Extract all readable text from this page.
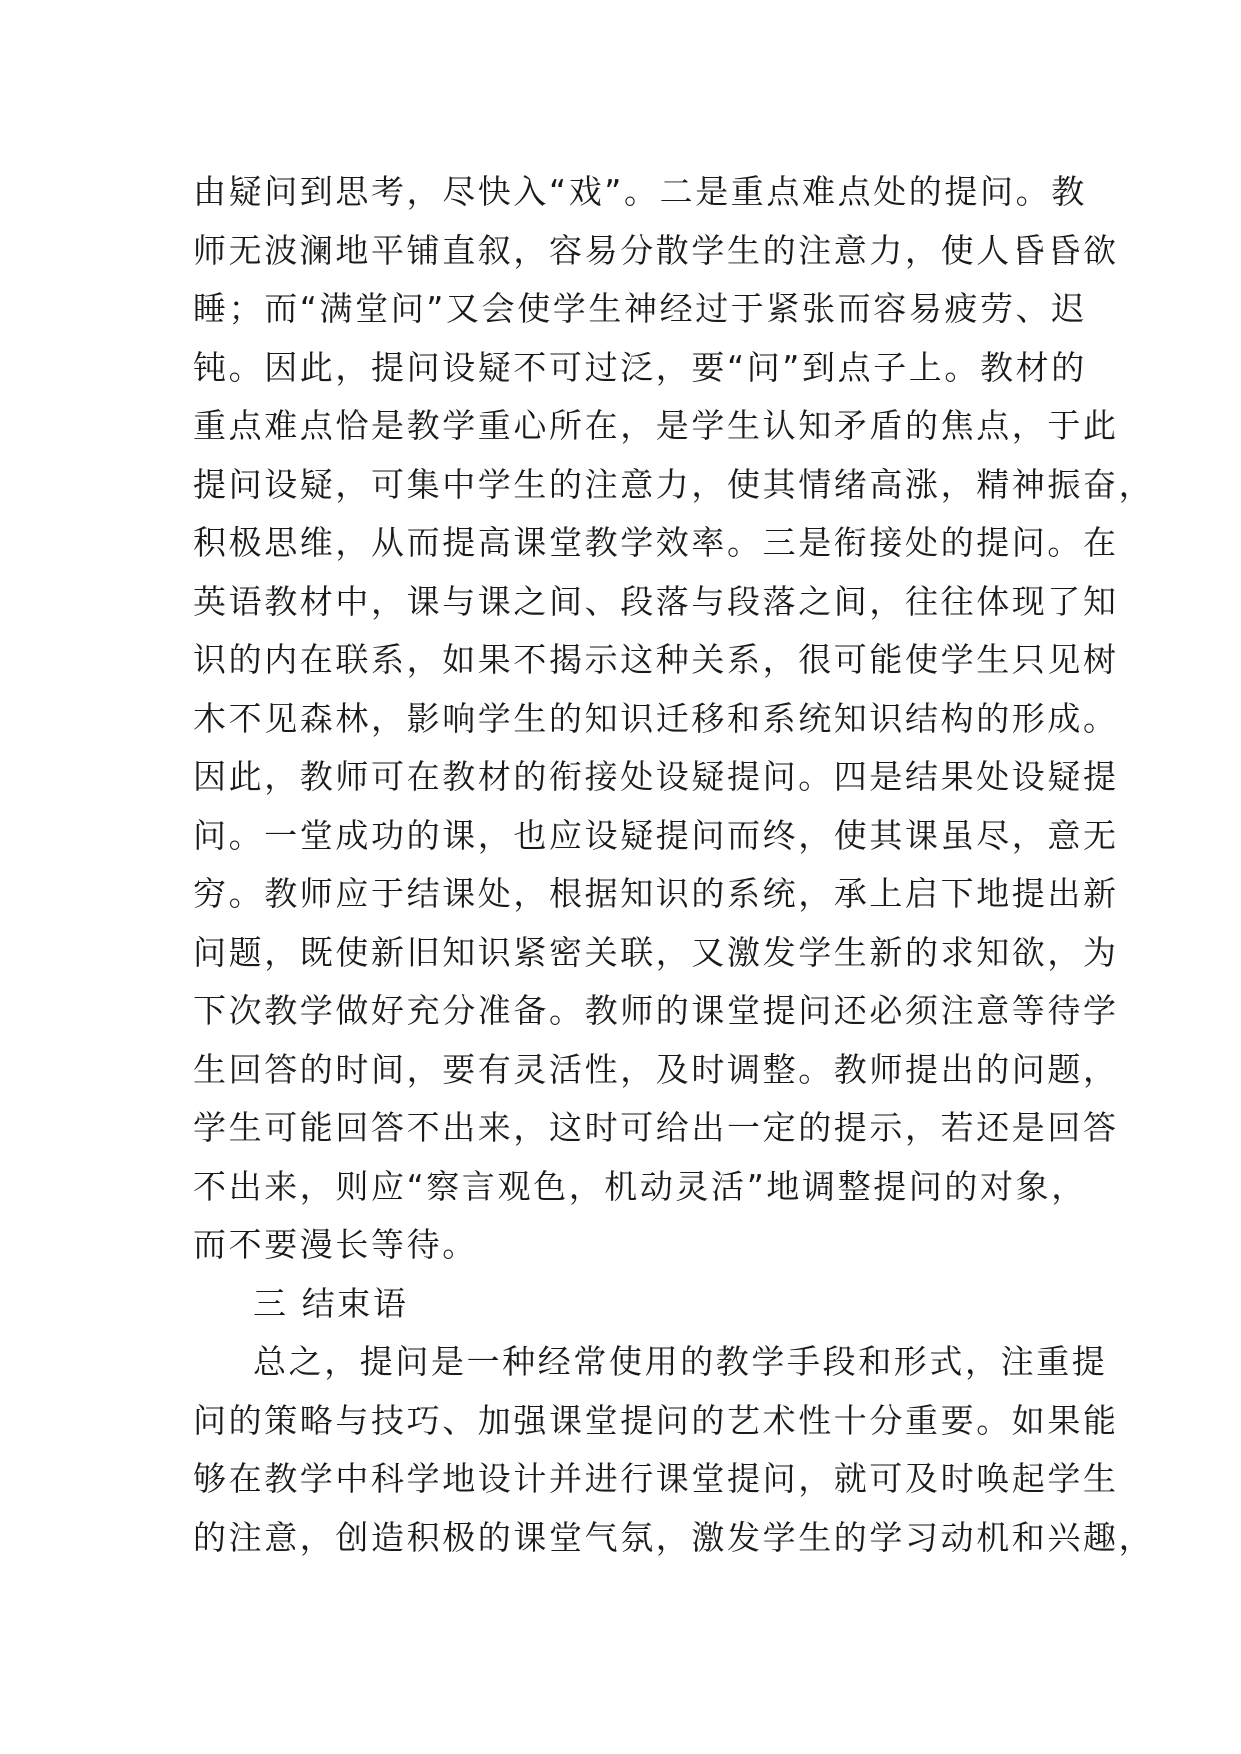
由疑问到思考，尽快入“戏”。二是重点难点处的提问。教
师无波澜地平铺直叙，容易分散学生的注意力，使人昏昏欲
睡；而“满堂问”又会使学生神经过于紧张而容易疲劳、迟
钝。因此，提问设疑不可过泛，要“问”到点子上。教材的
重点难点恰是教学重心所在，是学生认知矛盾的焦点，于此
提问设疑，可集中学生的注意力，使其情绪高涨，精神振奋，
积极思维，从而提高课堂教学效率。三是衔接处的提问。在
英语教材中，课与课之间、段落与段落之间，往往体现了知
识的内在联系，如果不揭示这种关系，很可能使学生只见树
木不见森林，影响学生的知识迁移和系统知识结构的形成。
因此，教师可在教材的衔接处设疑提问。四是结果处设疑提
问。一堂成功的课，也应设疑提问而终，使其课虽尽，意无
穷。教师应于结课处，根据知识的系统，承上启下地提出新
问题，既使新旧知识紧密关联，又激发学生新的求知欲，为
下次教学做好充分准备。教师的课堂提问还必须注意等待学
生回答的时间，要有灵活性，及时调整。教师提出的问题，
学生可能回答不出来，这时可给出一定的提示，若还是回答
不出来，则应“察言观色，机动灵活”地调整提问的对象，
而不要漫长等待。
三 结束语
总之，提问是一种经常使用的教学手段和形式，注重提
问的策略与技巧、加强课堂提问的艺术性十分重要。如果能
够在教学中科学地设计并进行课堂提问，就可及时唤起学生
的注意，创造积极的课堂气氛，激发学生的学习动机和兴趣，
